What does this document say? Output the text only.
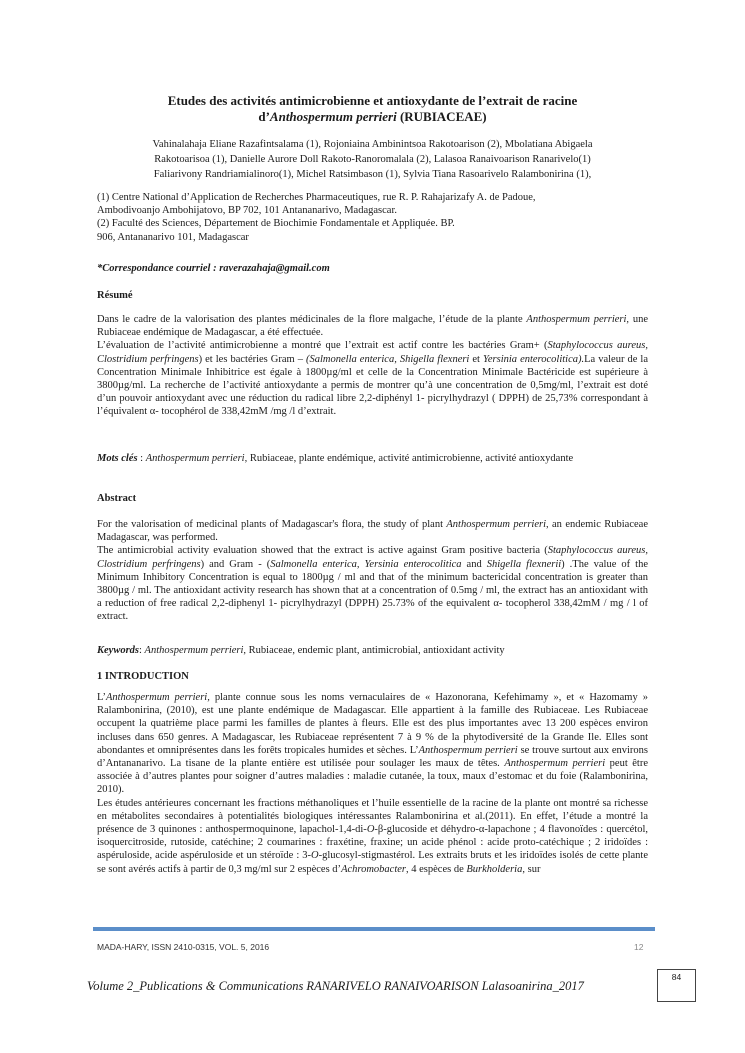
Etudes des activités antimicrobienne et antioxydante de l’extrait de racine
d’Anthospermum perrieri (RUBIACEAE)
Vahinalahaja Eliane Razafintsalama (1), Rojoniaina Ambinintsoa Rakotoarison (2), Mbolatiana Abigaela
Rakotoarisoa (1), Danielle Aurore Doll Rakoto-Ranoromalala (2), Lalasoa Ranaivoarison Ranarivelo(1)
Faliarivony Randriamialinoro(1), Michel Ratsimbason (1), Sylvia Tiana Rasoarivelo Ralambonirina (1),
(1) Centre National d’Application de Recherches Pharmaceutiques, rue R. P. Rahajarizafy A. de Padoue,
Ambodivoanjo Ambohijatovo, BP 702, 101 Antananarivo, Madagascar.
(2) Faculté des Sciences, Département de Biochimie Fondamentale et Appliquée. BP.
906, Antananarivo 101, Madagascar
*Correspondance courriel : raverazahaja@gmail.com
Résumé

Dans le cadre de la valorisation des plantes médicinales de la flore malgache, l’étude de la plante Anthospermum perrieri, une Rubiaceae endémique de Madagascar, a été effectuée.

L’évaluation de l’activité antimicrobienne a montré que l’extrait est actif contre les bactéries Gram+ (Staphylococcus aureus, Clostridium perfringens) et les bactéries Gram – (Salmonella enterica, Shigella flexneri et Yersinia enterocolitica).La valeur de la Concentration Minimale Inhibitrice est égale à 1800µg/ml et celle de la Concentration Minimale Bactéricide est supérieure à 3800µg/ml. La recherche de l’activité antioxydante a permis de montrer qu’à une concentration de 0,5mg/ml, l’extrait est doté d’un pouvoir antioxydant avec une réduction du radical libre 2,2-diphényl 1- picrylhydrazyl ( DPPH) de 25,73% correspondant à l’équivalent α- tocophérol de 338,42mM /mg /l d’extrait.

Mots clés : Anthospermum perrieri, Rubiaceae, plante endémique, activité antimicrobienne, activité antioxydante
Abstract

For the valorisation of medicinal plants of Madagascar's flora, the study of plant Anthospermum perrieri, an endemic Rubiaceae Madagascar, was performed.

The antimicrobial activity evaluation showed that the extract is active against Gram positive bacteria (Staphylococcus aureus, Clostridium perfringens) and Gram - (Salmonella enterica, Yersinia enterocolitica and Shigella flexnerii) .The value of the Minimum Inhibitory Concentration is equal to 1800µg / ml and that of the minimum bactericidal concentration is greater than 3800µg / ml. The antioxidant activity research has shown that at a concentration of 0.5mg / ml, the extract has an antioxidant with a reduction of free radical 2,2-diphenyl 1- picrylhydrazyl (DPPH) 25.73% of the equivalent α- tocopherol 338,42mM / mg / l of extract.

Keywords: Anthospermum perrieri, Rubiaceae, endemic plant, antimicrobial, antioxidant activity
1 INTRODUCTION

L’Anthospermum perrieri, plante connue sous les noms vernaculaires de « Hazonorana, Kefehimamy », et « Hazomamy » Ralambonirina, (2010), est une plante endémique de Madagascar. Elle appartient à la famille des Rubiaceae. Les Rubiaceae occupent la quatrième place parmi les familles de plantes à fleurs. Elle est des plus importantes avec 13 200 espèces environ incluses dans 650 genres. A Madagascar, les Rubiaceae représentent 7 à 9 % de la phytodiversité de la Grande Ile. Elles sont abondantes et omniprésentes dans les forêts tropicales humides et sèches. L’Anthospermum perrieri se trouve surtout aux environs d’Antananarivo. La tisane de la plante entière est utilisée pour soulager les maux de têtes. Anthospermum perrieri peut être associée à d’autres plantes pour soigner d’autres maladies : maladie cutanée, la toux, maux d’estomac et du foie (Ralambonirina, 2010).

Les études antérieures concernant les fractions méthanoliques et l’huile essentielle de la racine de la plante ont montré sa richesse en métabolites secondaires à potentialités biologiques intéressantes Ralambonirina et al.(2011). En effet, l’étude a montré la présence de 3 quinones : anthospermoquinone, lapachol-1,4-di-O-β-glucoside et déhydro-α-lapachone ; 4 flavonoïdes : quercétol, isoquercitroside, rutoside, catéchine; 2 coumarines : fraxétine, fraxine; un acide phénol : acide proto-catéchique ; 2 iridoïdes : aspéruloside, acide aspéruloside et un stéroïde : 3-O-glucosyl-stigmastérol. Les extraits bruts et les iridoïdes isolés de cette plante se sont avérés actifs à partir de 0,3 mg/ml sur 2 espèces d’Achromobacter, 4 espèces de Burkholderia, sur

MADA-HARY, ISSN 2410-0315, VOL. 5, 2016	12
Volume 2_Publications & Communications RANARIVELO RANAIVOARISON Lalasoanirina_2017
84
